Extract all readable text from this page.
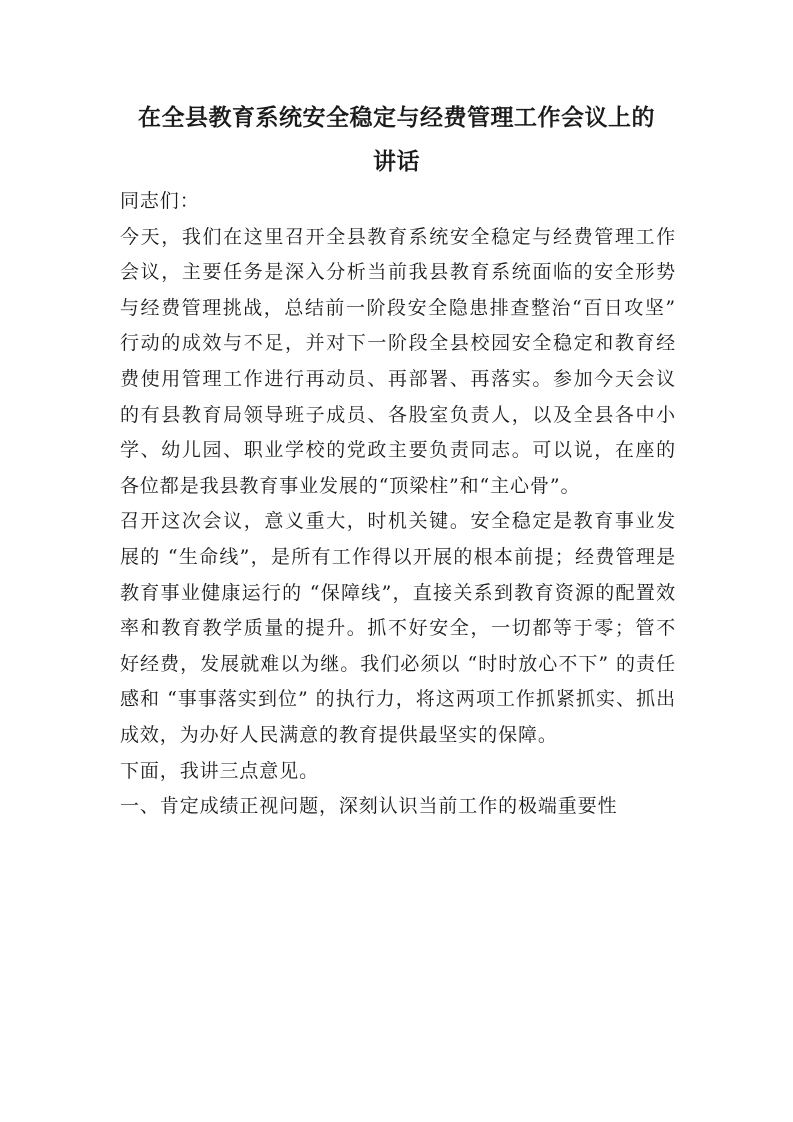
在全县教育系统安全稳定与经费管理工作会议上的
讲话

同志们：

今天，我们在这里召开全县教育系统安全稳定与经费管理工作会议，主要任务是深入分析当前我县教育系统面临的安全形势与经费管理挑战，总结前一阶段安全隐患排查整治“百日攻坚” 行动的成效与不足，并对下一阶段全县校园安全稳定和教育经费使用管理工作进行再动员、再部署、再落实。参加今天会议的有县教育局领导班子成员、各股室负责人，以及全县各中小学、幼儿园、职业学校的党政主要负责同志。可以说，在座的各位都是我县教育事业发展的“顶梁柱”和“主心骨”。

召开这次会议，意义重大，时机关键。安全稳定是教育事业发展的 “生命线”，是所有工作得以开展的根本前提；经费管理是教育事业健康运行的 “保障线”，直接关系到教育资源的配置效率和教育教学质量的提升。抓不好安全，一切都等于零；管不好经费，发展就难以为继。我们必须以 “时时放心不下” 的责任感和 “事事落实到位” 的执行力，将这两项工作抓紧抓实、抓出成效，为办好人民满意的教育提供最坚实的保障。

下面，我讲三点意见。

一、肯定成绩正视问题，深刻认识当前工作的极端重要性
